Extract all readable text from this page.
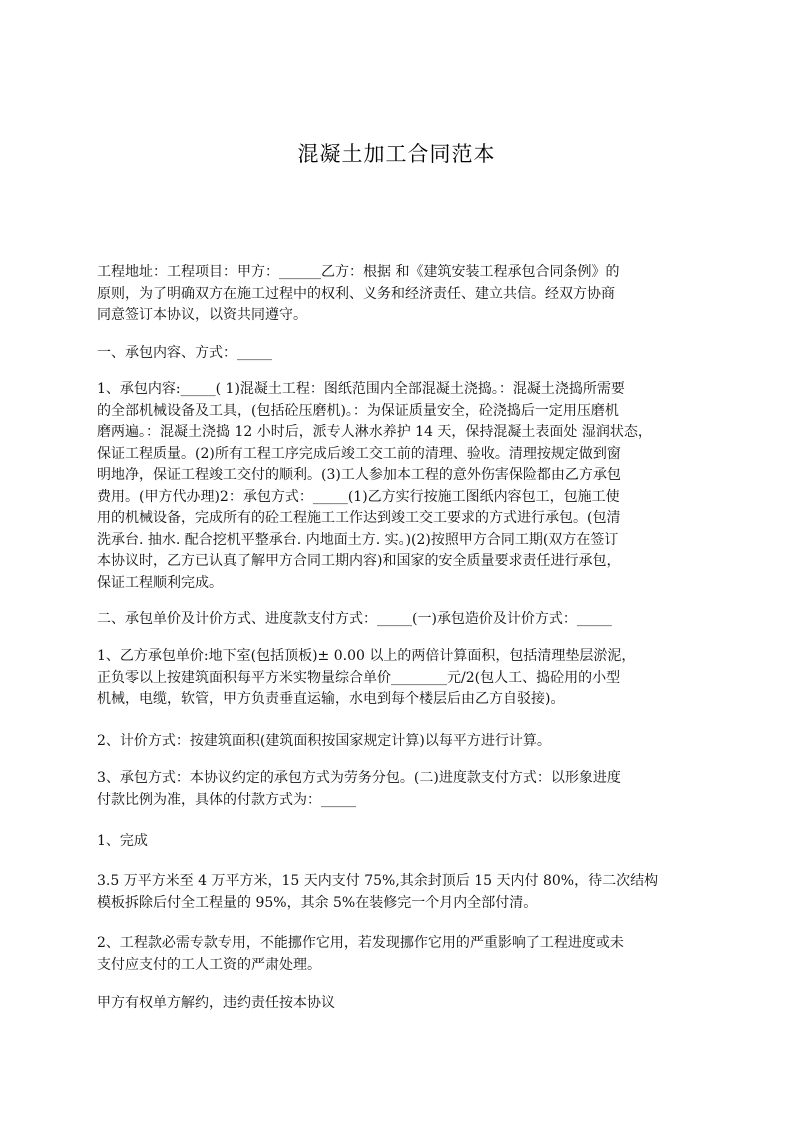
混凝土加工合同范本
工程地址：工程项目：甲方：______乙方：根据 和《建筑安装工程承包合同条例》的
原则，为了明确双方在施工过程中的权利、义务和经济责任、建立共信。经双方协商
同意签订本协议，以资共同遵守。
一、承包内容、方式：_____
1、承包内容:_____( 1)混凝土工程：图纸范围内全部混凝土浇捣。：混凝土浇捣所需要
的全部机械设备及工具，(包括砼压磨机)。：为保证质量安全，砼浇捣后一定用压磨机
磨两遍。：混凝土浇捣 12 小时后，派专人淋水养护 14 天，保持混凝土表面处 湿润状态，
保证工程质量。(2)所有工程工序完成后竣工交工前的清理、验收。清理按规定做到窗
明地净，保证工程竣工交付的顺利。(3)工人参加本工程的意外伤害保险都由乙方承包
费用。(甲方代办理)2：承包方式：_____(1)乙方实行按施工图纸内容包工，包施工使
用的机械设备，完成所有的砼工程施工工作达到竣工交工要求的方式进行承包。(包清
洗承台. 抽水. 配合挖机平整承台. 内地面土方. 实。)(2)按照甲方合同工期(双方在签订
本协议时，乙方已认真了解甲方合同工期内容)和国家的安全质量要求责任进行承包，
保证工程顺利完成。
二、承包单价及计价方式、进度款支付方式：_____(一)承包造价及计价方式：_____
1、乙方承包单价:地下室(包括顶板)± 0.00 以上的两倍计算面积，包括清理垫层淤泥，
正负零以上按建筑面积每平方米实物量综合单价________元/2(包人工、捣砼用的小型
机械，电缆，软管，甲方负责垂直运输，水电到每个楼层后由乙方自驳接)。
2、计价方式：按建筑面积(建筑面积按国家规定计算)以每平方进行计算。
3、承包方式：本协议约定的承包方式为劳务分包。(二)进度款支付方式：以形象进度
付款比例为准，具体的付款方式为：_____
1、完成
3.5 万平方米至 4 万平方米，15 天内支付 75%,其余封顶后 15 天内付 80%，待二次结构
模板拆除后付全工程量的 95%，其余 5%在装修完一个月内全部付清。
2、工程款必需专款专用，不能挪作它用，若发现挪作它用的严重影响了工程进度或未
支付应支付的工人工资的严肃处理。
甲方有权单方解约，违约责任按本协议
